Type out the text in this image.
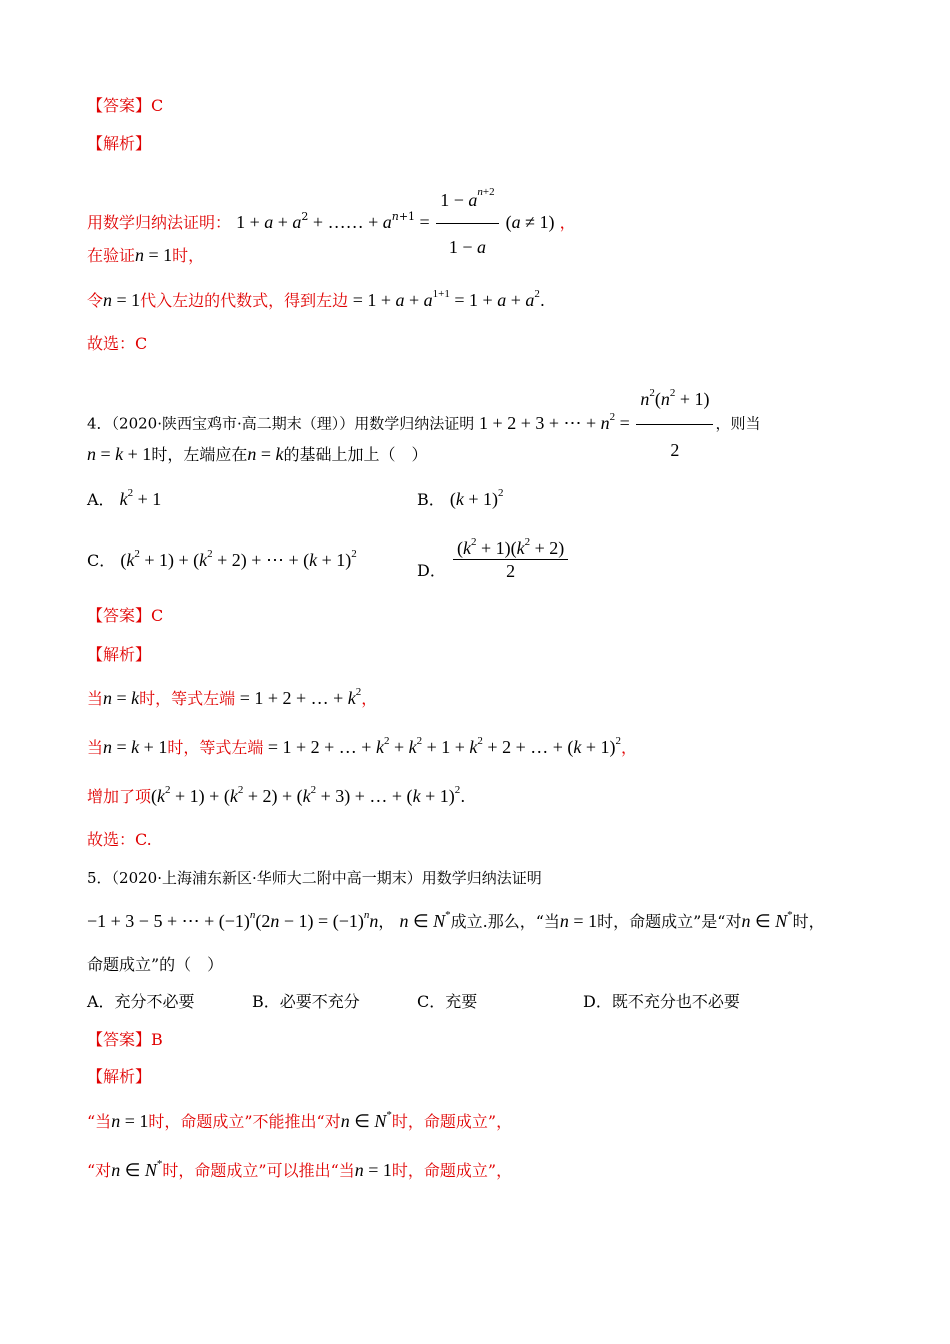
【答案】C
【解析】
用数学归纳法证明： $1 + a + a^2$ + …… + $a^{n+1} = \frac{1 - a^{n+2}}{1 - a} (a \ne 1)$ ，
在验证n = 1时，
令n = 1代入左边的代数式，得到左边 = $1 + a + a^{1+1} = 1 + a + a^2$.
故选：C
4．（2020·陕西宝鸡市·高二期末（理））用数学归纳法证明 1 + 2 + 3 + ⋯ + $n^2 = \frac{n^2(n^2 + 1)}{2}$ ，则当
n = k + 1时，左端应在n = k的基础上加上（　）
A． $k^2 + 1$	B． $(k + 1)^2$
C． $(k^2 + 1) + (k^2 + 2)$ + ⋯ + $(k + 1)^2$
D． $\frac{(k^2 + 1)(k^2 + 2)}{2}$
【答案】C
【解析】
当n = k时，等式左端 = 1 + 2 + … + $k^2$，
当n = k + 1时，等式左端 = 1 + 2 + … + $k^2 + k^2 + 1 + k^2 + 2$ + … + $(k + 1)^2$，
增加了项$(k^2 + 1) + (k^2 + 2) + (k^2 + 3)$ + … + $(k + 1)^2$.
故选：C.
5．（2020·上海浦东新区·华师大二附中高一期末）用数学归纳法证明
−1 + 3 − 5 + ⋯ + $(-1)^n(2n - 1) = (-1)^nn$， n ∈ N*成立.那么，“当n = 1时，命题成立”是“对n ∈ N*时，
命题成立”的（　）
A．充分不必要	B．必要不充分	C．充要	D．既不充分也不必要
【答案】B
【解析】
“当n = 1时，命题成立”不能推出“对n ∈ N*时，命题成立”，
“对n ∈ N*时，命题成立”可以推出“当n = 1时，命题成立”，
